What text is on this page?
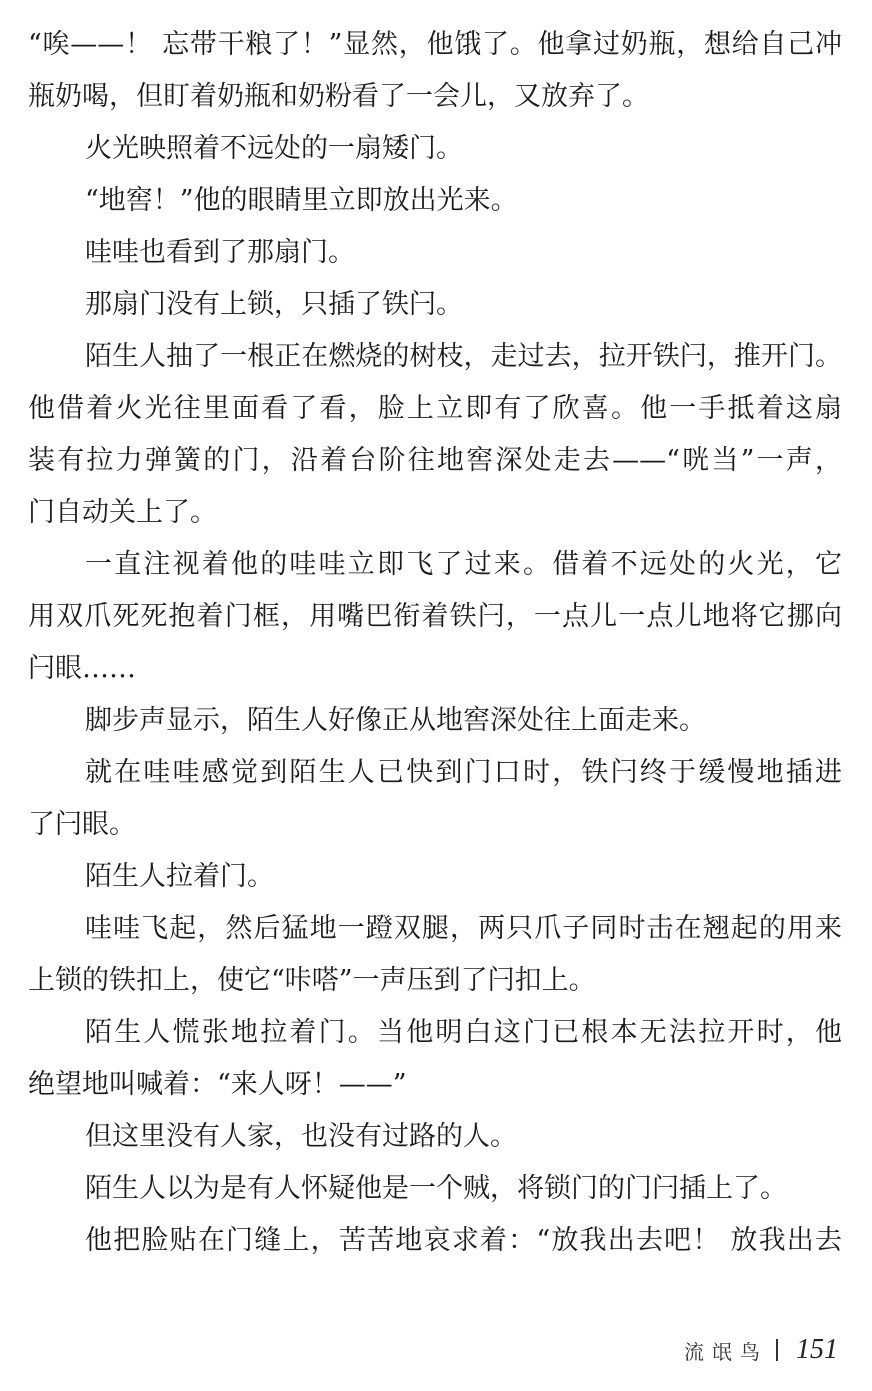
“唉——！ 忘带干粮了！”显然，他饿了。他拿过奶瓶，想给自己冲
瓶奶喝，但盯着奶瓶和奶粉看了一会儿，又放弃了。
火光映照着不远处的一扇矮门。
“地窖！”他的眼睛里立即放出光来。
哇哇也看到了那扇门。
那扇门没有上锁，只插了铁闩。
陌生人抽了一根正在燃烧的树枝，走过去，拉开铁闩，推开门。
他借着火光往里面看了看，脸上立即有了欣喜。他一手抵着这扇
装有拉力弹簧的门，沿着台阶往地窖深处走去——“咣当”一声，
门自动关上了。
一直注视着他的哇哇立即飞了过来。借着不远处的火光，它
用双爪死死抱着门框，用嘴巴衔着铁闩，一点儿一点儿地将它挪向
闩眼……
脚步声显示，陌生人好像正从地窖深处往上面走来。
就在哇哇感觉到陌生人已快到门口时，铁闩终于缓慢地插进
了闩眼。
陌生人拉着门。
哇哇飞起，然后猛地一蹬双腿，两只爪子同时击在翘起的用来
上锁的铁扣上，使它“咔嗒”一声压到了闩扣上。
陌生人慌张地拉着门。当他明白这门已根本无法拉开时，他
绝望地叫喊着：“来人呀！——”
但这里没有人家，也没有过路的人。
陌生人以为是有人怀疑他是一个贼，将锁门的门闩插上了。
他把脸贴在门缝上，苦苦地哀求着：“放我出去吧！ 放我出去
流氓鸟 151
